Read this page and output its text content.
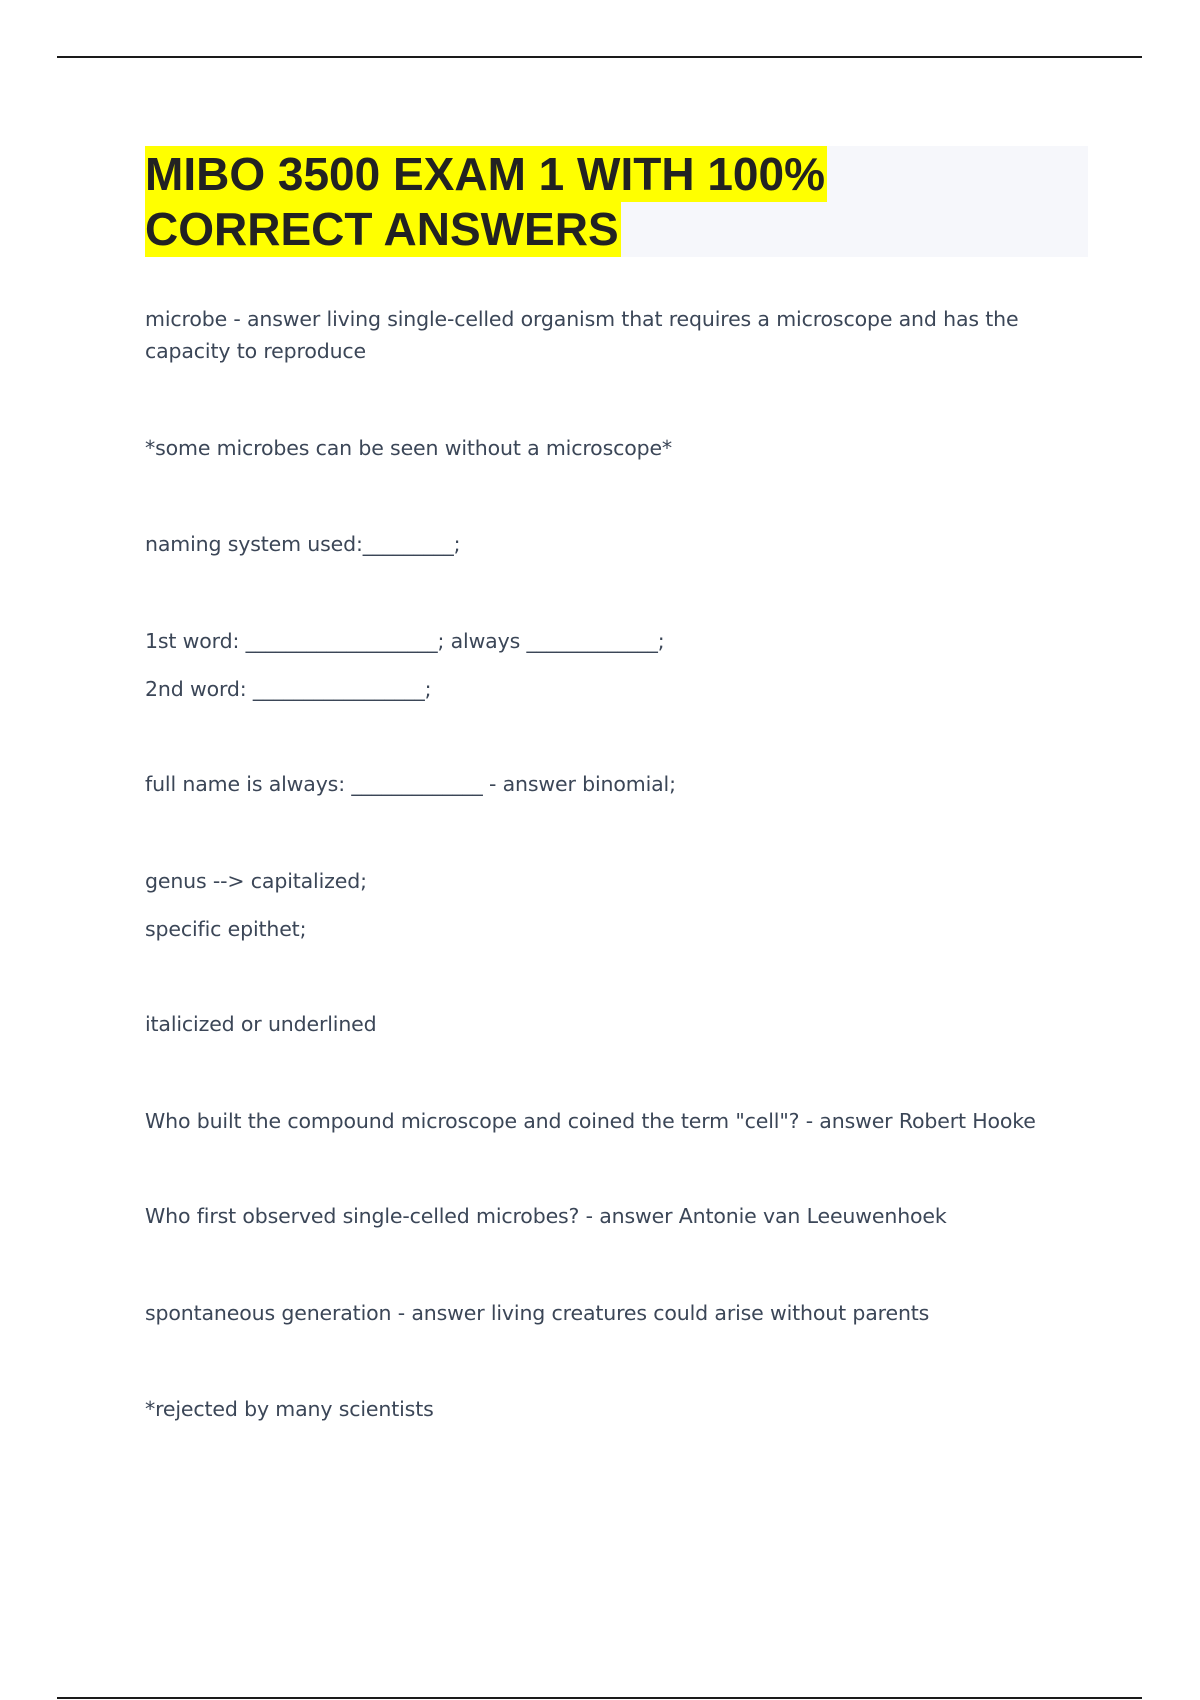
MIBO 3500 EXAM 1 WITH 100%
CORRECT ANSWERS
microbe - answer living single-celled organism that requires a microscope and has the capacity to reproduce
*some microbes can be seen without a microscope*
naming system used:_________;
1st word: ___________________; always _____________;
2nd word: _________________;
full name is always: _____________ - answer binomial;
genus --> capitalized;
specific epithet;
italicized or underlined
Who built the compound microscope and coined the term "cell"? - answer Robert Hooke
Who first observed single-celled microbes? - answer Antonie van Leeuwenhoek
spontaneous generation - answer living creatures could arise without parents
*rejected by many scientists
